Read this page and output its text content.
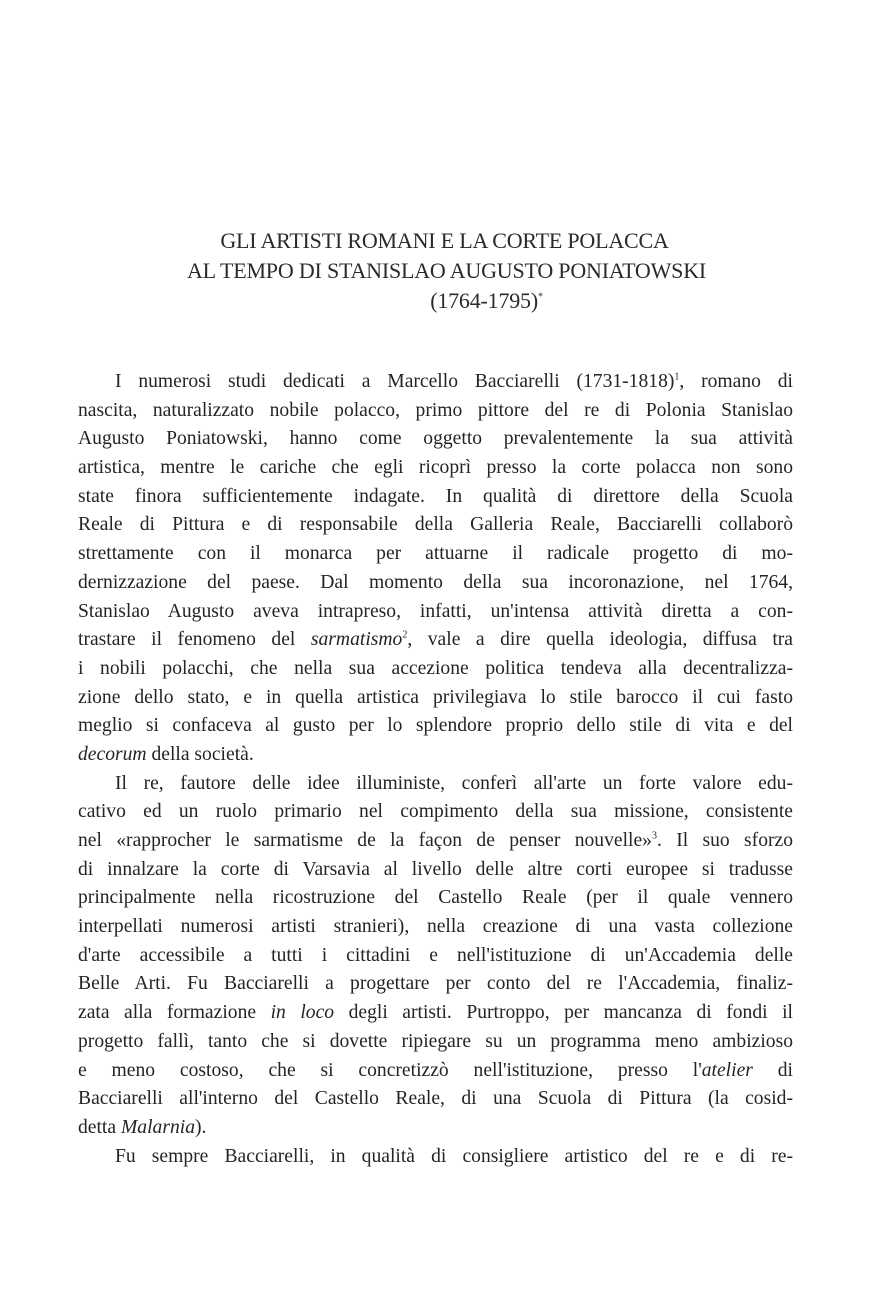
GLI ARTISTI ROMANI E LA CORTE POLACCA
AL TEMPO DI STANISLAO AUGUSTO PONIATOWSKI
(1764-1795)*

I numerosi studi dedicati a Marcello Bacciarelli (1731-1818)$^1$, romano di
nascita, naturalizzato nobile polacco, primo pittore del re di Polonia Stanislao
Augusto Poniatowski, hanno come oggetto prevalentemente la sua attività
artistica, mentre le cariche che egli ricoprì presso la corte polacca non sono
state finora sufficientemente indagate. In qualità di direttore della Scuola
Reale di Pittura e di responsabile della Galleria Reale, Bacciarelli collaborò
strettamente con il monarca per attuarne il radicale progetto di mo-
dernizzazione del paese. Dal momento della sua incoronazione, nel 1764,
Stanislao Augusto aveva intrapreso, infatti, un'intensa attività diretta a con-
trastare il fenomeno del sarmatismo$^2$, vale a dire quella ideologia, diffusa tra
i nobili polacchi, che nella sua accezione politica tendeva alla decentralizza-
zione dello stato, e in quella artistica privilegiava lo stile barocco il cui fasto
meglio si confaceva al gusto per lo splendore proprio dello stile di vita e del
decorum della società.

Il re, fautore delle idee illuministe, conferì all'arte un forte valore edu-
cativo ed un ruolo primario nel compimento della sua missione, consistente
nel «rapprocher le sarmatisme de la façon de penser nouvelle»$^3$. Il suo sforzo
di innalzare la corte di Varsavia al livello delle altre corti europee si tradusse
principalmente nella ricostruzione del Castello Reale (per il quale vennero
interpellati numerosi artisti stranieri), nella creazione di una vasta collezione
d'arte accessibile a tutti i cittadini e nell'istituzione di un'Accademia delle
Belle Arti. Fu Bacciarelli a progettare per conto del re l'Accademia, finaliz-
zata alla formazione in loco degli artisti. Purtroppo, per mancanza di fondi il
progetto fallì, tanto che si dovette ripiegare su un programma meno ambizioso
e meno costoso, che si concretizzò nell'istituzione, presso l'atelier di
Bacciarelli all'interno del Castello Reale, di una Scuola di Pittura (la cosid-
detta Malarnia).

Fu sempre Bacciarelli, in qualità di consigliere artistico del re e di re-
